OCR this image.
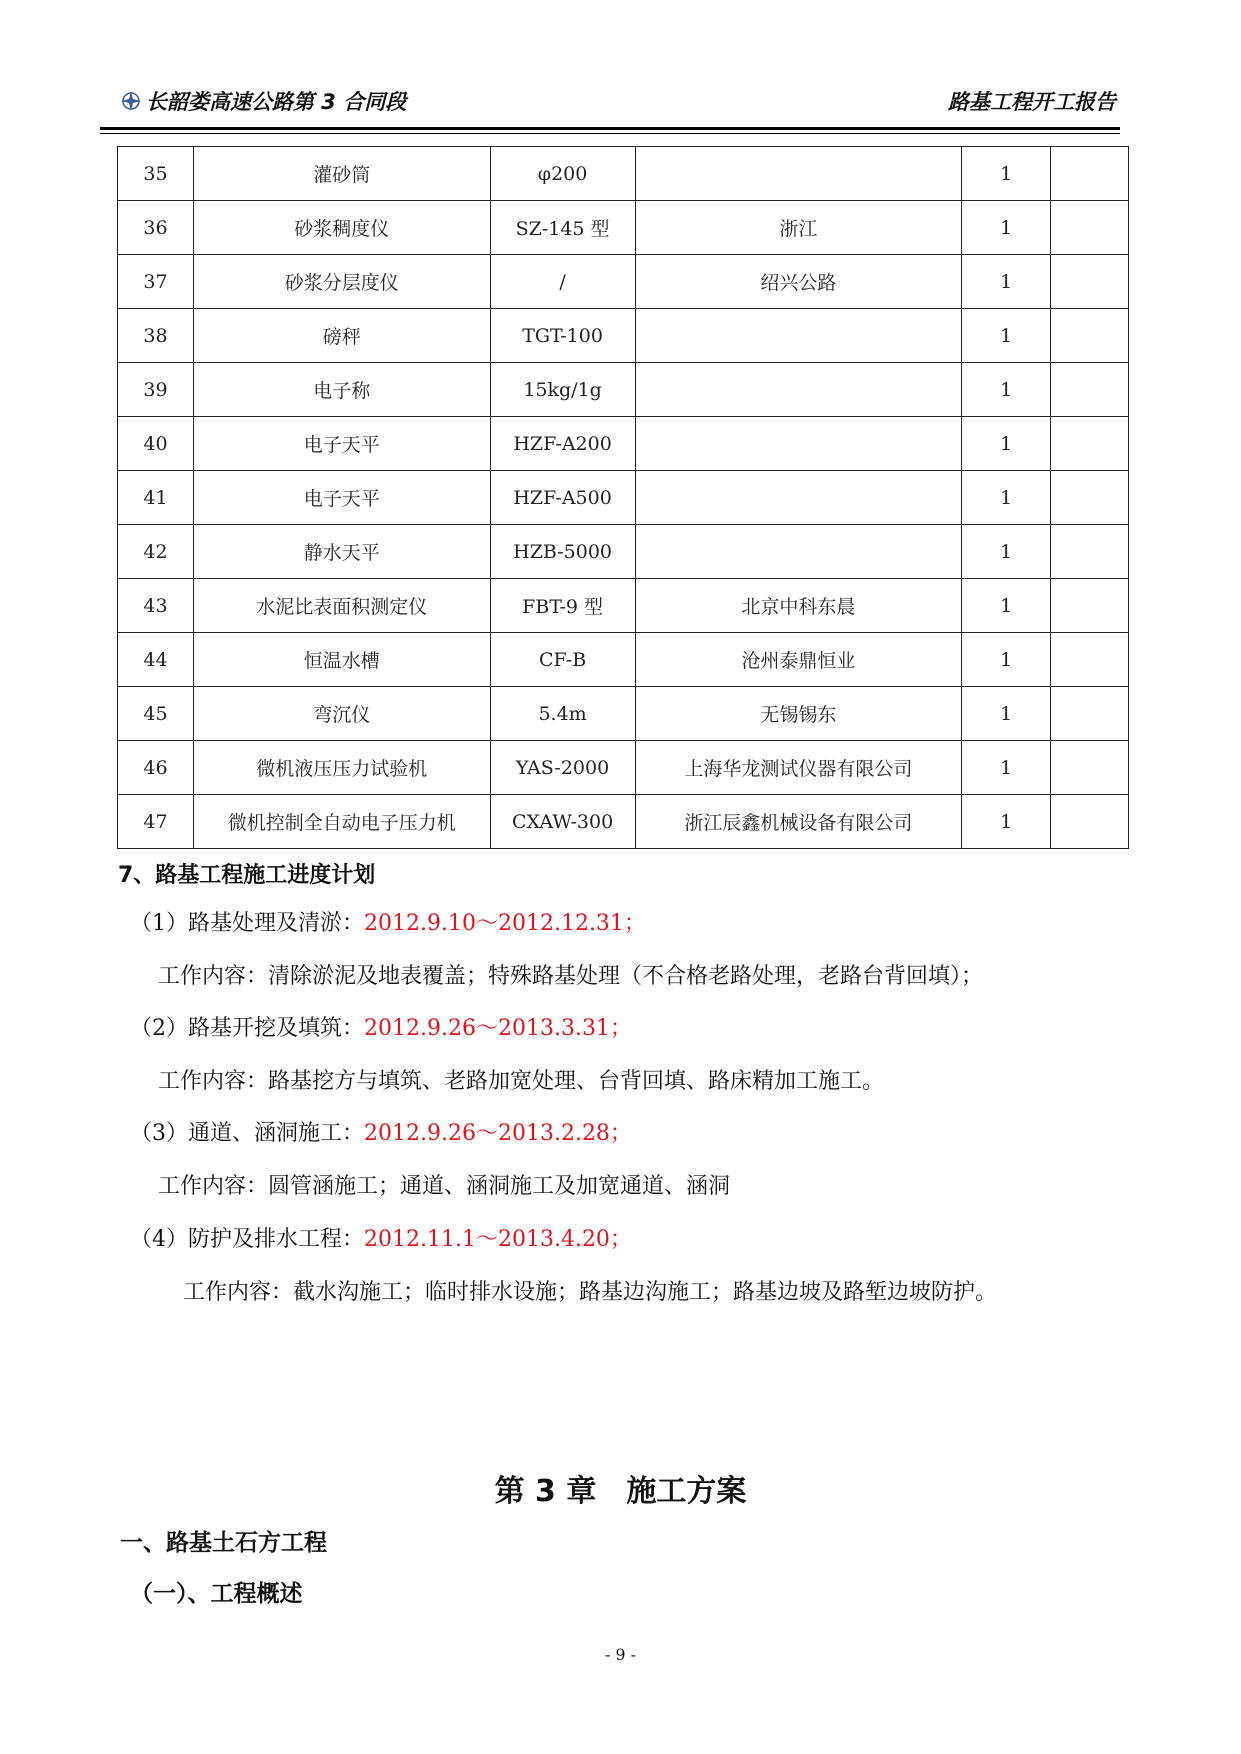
长韶娄高速公路第 3 合同段	路基工程开工报告
35	灌砂筒	φ200		1	
36	砂浆稠度仪	SZ-145 型	浙江	1	
37	砂浆分层度仪	/	绍兴公路	1	
38	磅秤	TGT-100		1	
39	电子称	15kg/1g		1	
40	电子天平	HZF-A200		1	
41	电子天平	HZF-A500		1	
42	静水天平	HZB-5000		1	
43	水泥比表面积测定仪	FBT-9 型	北京中科东晨	1	
44	恒温水槽	CF-B	沧州泰鼎恒业	1	
45	弯沉仪	5.4m	无锡锡东	1	
46	微机液压压力试验机	YAS-2000	上海华龙测试仪器有限公司	1	
47	微机控制全自动电子压力机	CXAW-300	浙江辰鑫机械设备有限公司	1	
7、路基工程施工进度计划
（1）路基处理及清淤：2012.9.10～2012.12.31；
工作内容：清除淤泥及地表覆盖；特殊路基处理（不合格老路处理，老路台背回填）；
（2）路基开挖及填筑：2012.9.26～2013.3.31；
工作内容：路基挖方与填筑、老路加宽处理、台背回填、路床精加工施工。
（3）通道、涵洞施工：2012.9.26～2013.2.28；
工作内容：圆管涵施工；通道、涵洞施工及加宽通道、涵洞
（4）防护及排水工程：2012.11.1～2013.4.20；
工作内容：截水沟施工；临时排水设施；路基边沟施工；路基边坡及路堑边坡防护。
第 3 章　施工方案
一、路基土石方工程
（一）、工程概述
- 9 -
